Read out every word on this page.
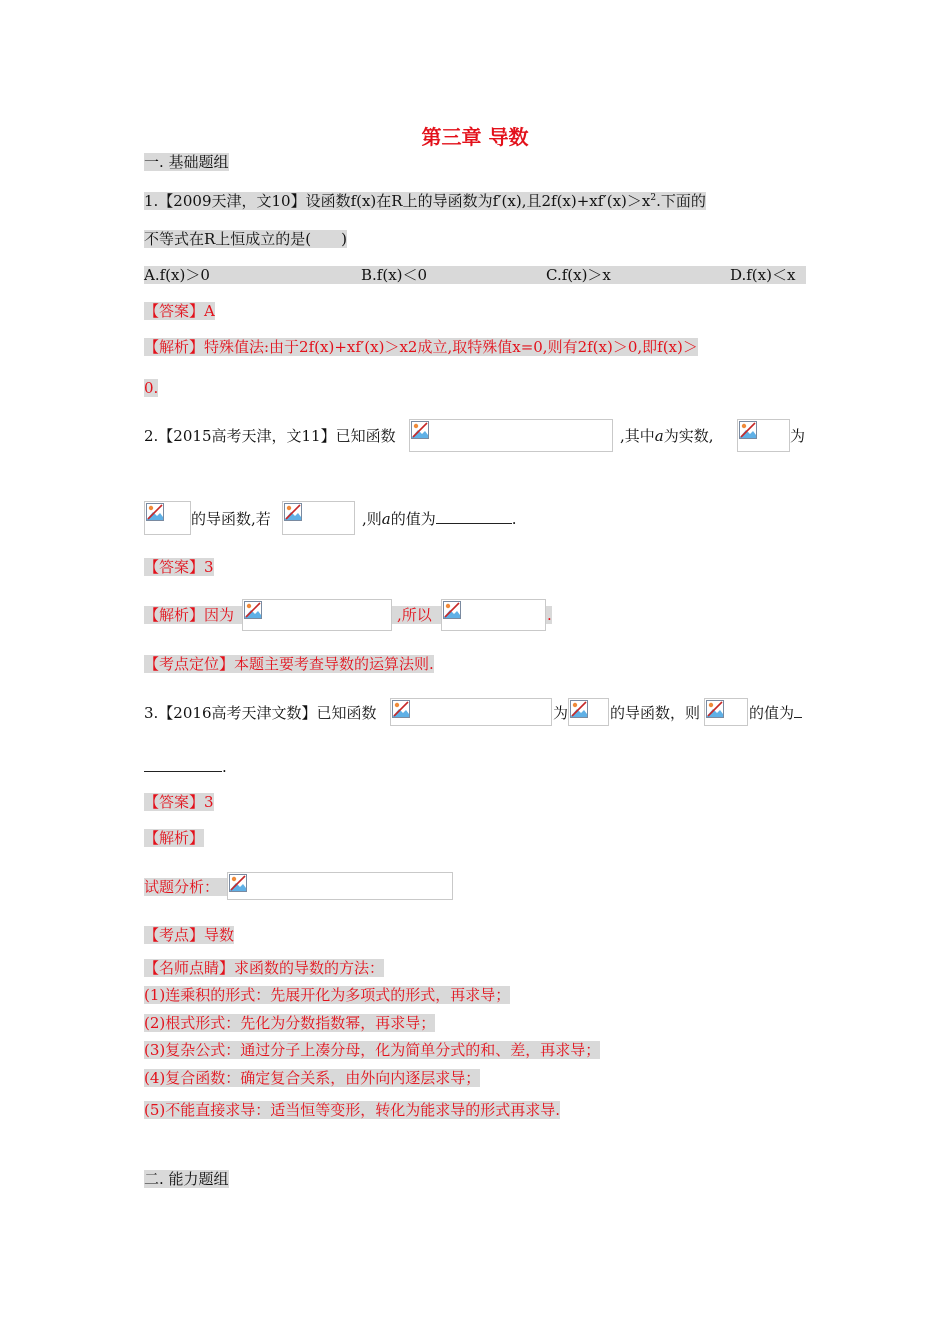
第三章 导数
一. 基础题组
1.【2009天津，文10】设函数f(x)在R上的导函数为f′(x),且$2f(x)+xf'(x)>x^2$.下面的
不等式在R上恒成立的是(　　)
A.f(x)＞0	B.f(x)＜0	C.f(x)＞x	D.f(x)＜x
【答案】A
【解析】特殊值法:由于2f(x)+xf′(x)＞x2成立,取特殊值x=0,则有2f(x)＞0,即f(x)＞
0.
2.【2015高考天津，文11】已知函数	,其中a为实数,	为
的导函数,若	,则a的值为	.
【答案】3
【解析】因为	,所以	.
【考点定位】本题主要考查导数的运算法则.
3.【2016高考天津文数】已知函数	为	的导函数，则	的值为
.
【答案】3
【解析】
试题分析：
【考点】导数
【名师点睛】求函数的导数的方法：
(1)连乘积的形式：先展开化为多项式的形式，再求导；
(2)根式形式：先化为分数指数幂，再求导；
(3)复杂公式：通过分子上凑分母，化为简单分式的和、差，再求导；
(4)复合函数：确定复合关系，由外向内逐层求导；
(5)不能直接求导：适当恒等变形，转化为能求导的形式再求导.
二. 能力题组
